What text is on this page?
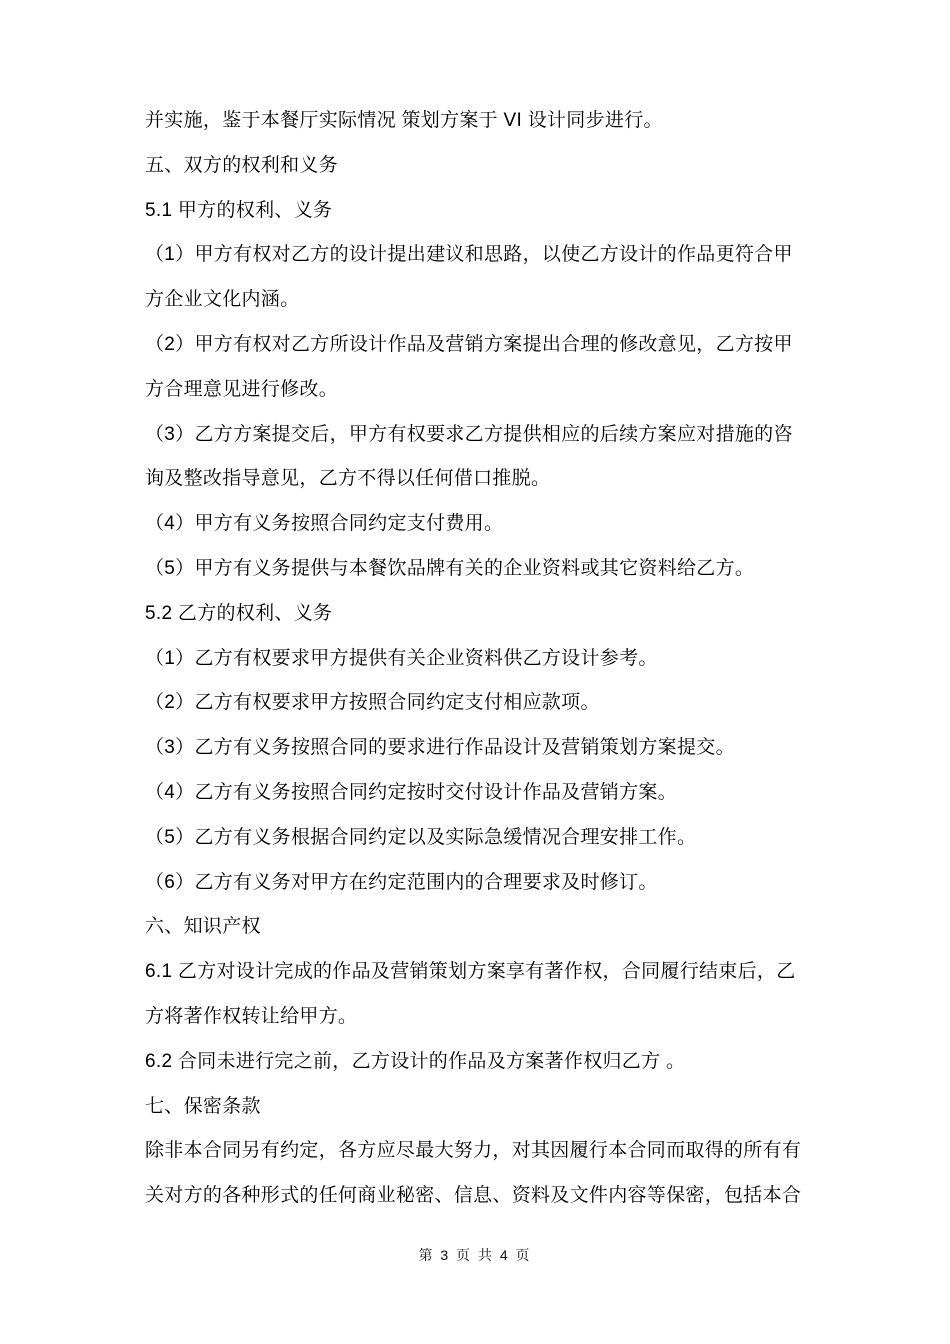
并实施，鉴于本餐厅实际情况 策划方案于 VI 设计同步进行。
五、双方的权利和义务
5.1 甲方的权利、义务
（1）甲方有权对乙方的设计提出建议和思路，以使乙方设计的作品更符合甲
方企业文化内涵。
（2）甲方有权对乙方所设计作品及营销方案提出合理的修改意见，乙方按甲
方合理意见进行修改。
（3）乙方方案提交后，甲方有权要求乙方提供相应的后续方案应对措施的咨
询及整改指导意见，乙方不得以任何借口推脱。
（4）甲方有义务按照合同约定支付费用。
（5）甲方有义务提供与本餐饮品牌有关的企业资料或其它资料给乙方。
5.2 乙方的权利、义务
（1）乙方有权要求甲方提供有关企业资料供乙方设计参考。
（2）乙方有权要求甲方按照合同约定支付相应款项。
（3）乙方有义务按照合同的要求进行作品设计及营销策划方案提交。
（4）乙方有义务按照合同约定按时交付设计作品及营销方案。
（5）乙方有义务根据合同约定以及实际急缓情况合理安排工作。
（6）乙方有义务对甲方在约定范围内的合理要求及时修订。
六、知识产权
6.1 乙方对设计完成的作品及营销策划方案享有著作权，合同履行结束后，乙
方将著作权转让给甲方。
6.2 合同未进行完之前，乙方设计的作品及方案著作权归乙方 。
七、保密条款
除非本合同另有约定，各方应尽最大努力，对其因履行本合同而取得的所有有
关对方的各种形式的任何商业秘密、信息、资料及文件内容等保密，包括本合
第 3 页 共 4 页
